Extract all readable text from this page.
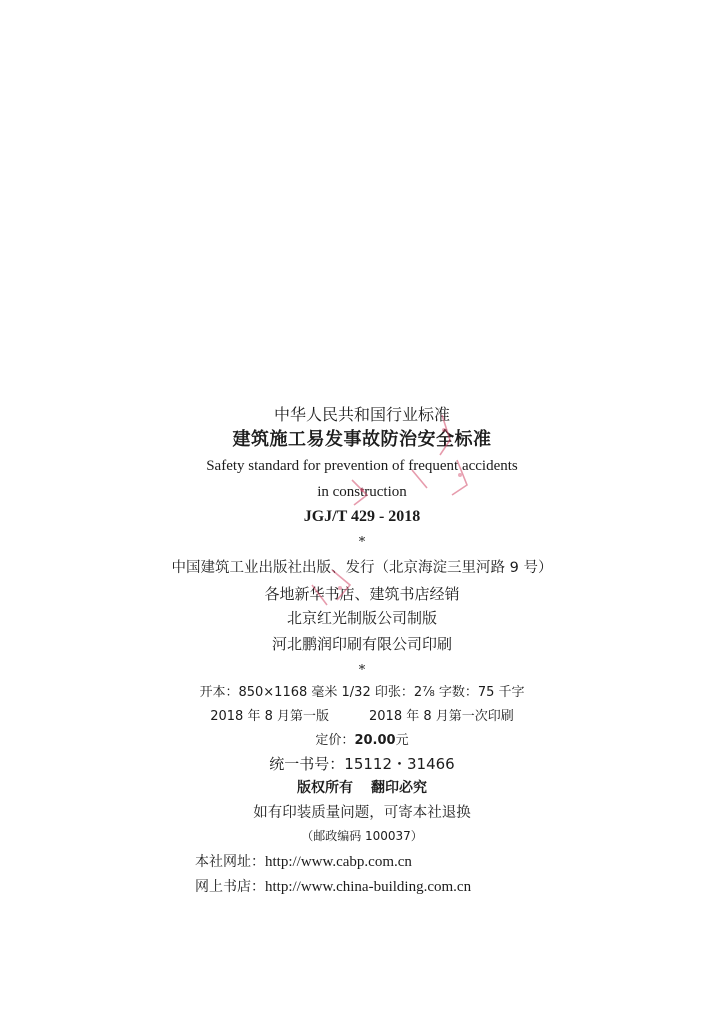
中华人民共和国行业标准
建筑施工易发事故防治安全标准
Safety standard for prevention of frequent accidents
in construction
JGJ/T 429 - 2018
*
中国建筑工业出版社出版、发行（北京海淀三里河路 9 号）
各地新华书店、建筑书店经销
北京红光制版公司制版
河北鹏润印刷有限公司印刷
*
开本：850×1168 毫米 1/32 印张：2⅞ 字数：75 千字
2018 年 8 月第一版	2018 年 8 月第一次印刷
定价：20.00元
统一书号：15112・31466
版权所有 翻印必究
如有印装质量问题，可寄本社退换
（邮政编码 100037）
本社网址：http://www.cabp.com.cn
网上书店：http://www.china-building.com.cn
